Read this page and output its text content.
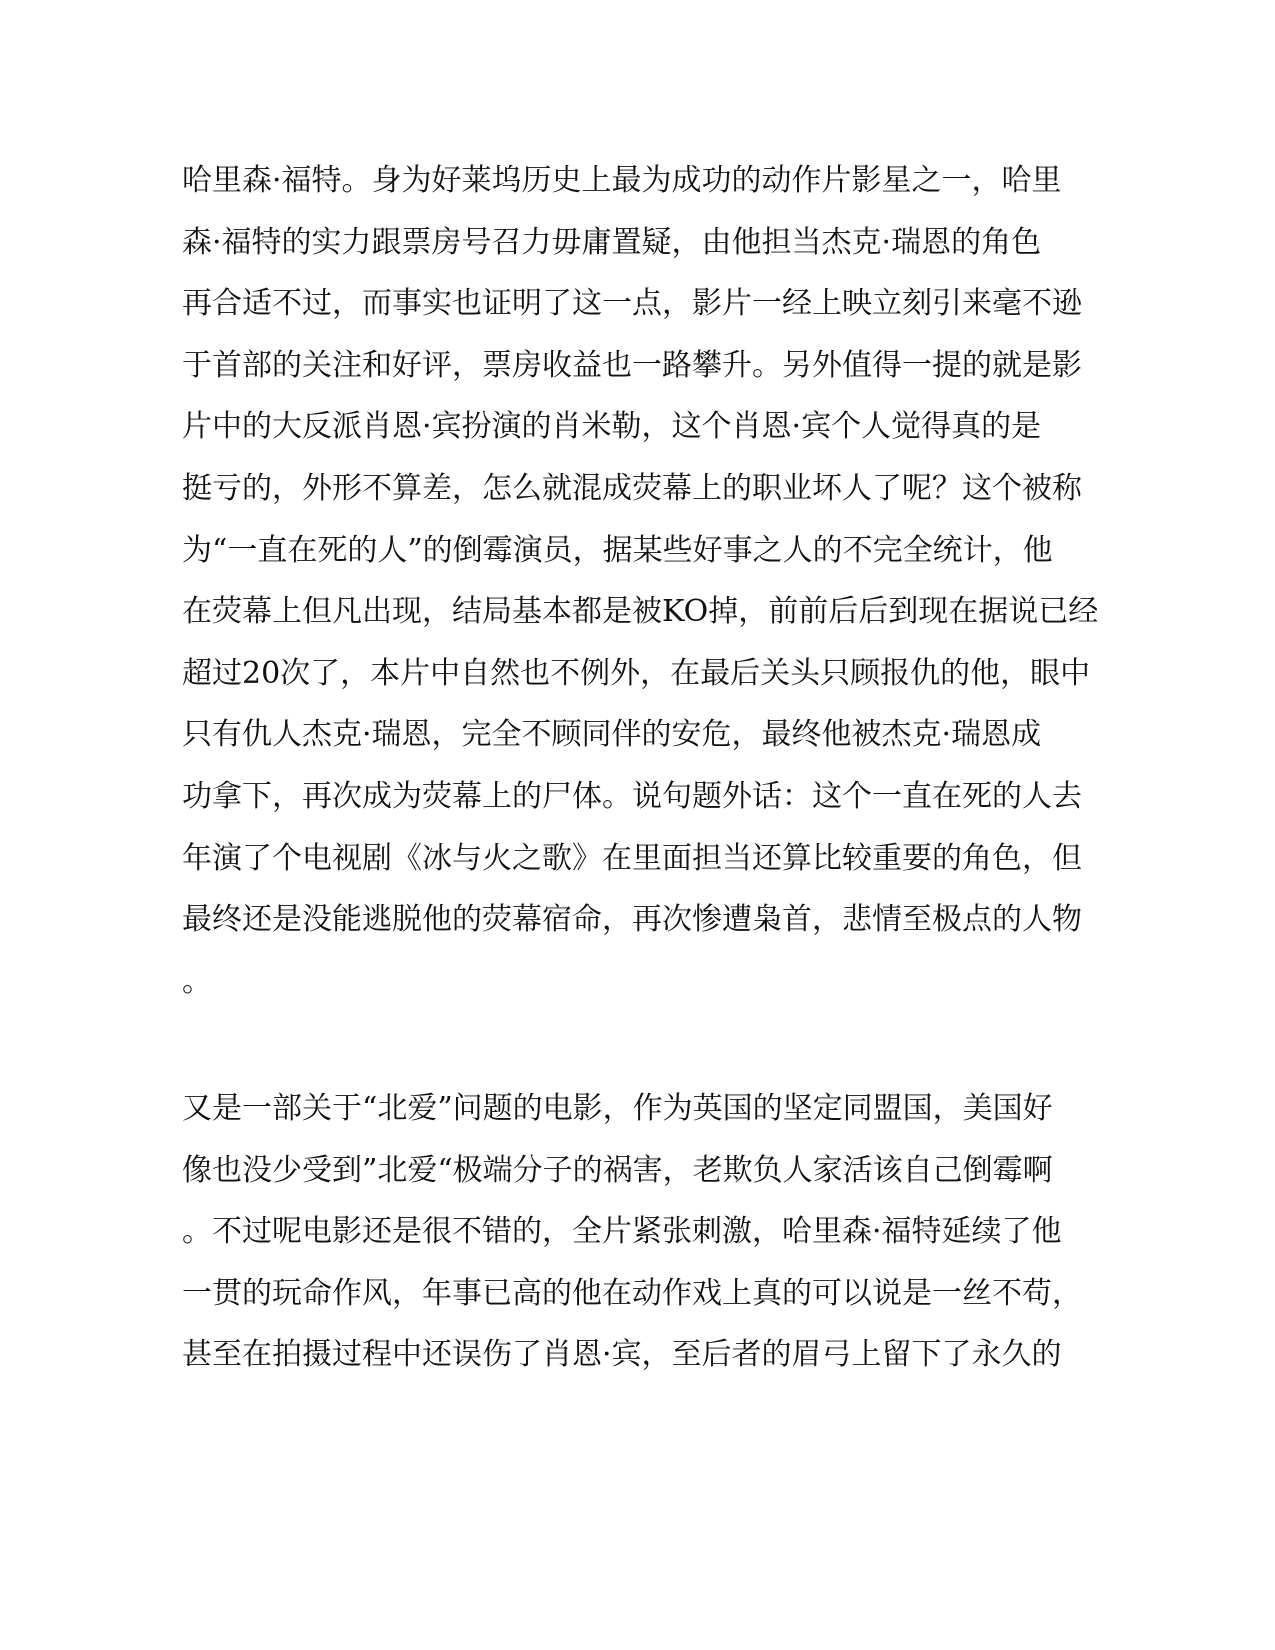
哈里森·福特。身为好莱坞历史上最为成功的动作片影星之一，哈里
森·福特的实力跟票房号召力毋庸置疑，由他担当杰克·瑞恩的角色
再合适不过，而事实也证明了这一点，影片一经上映立刻引来毫不逊
于首部的关注和好评，票房收益也一路攀升。另外值得一提的就是影
片中的大反派肖恩·宾扮演的肖米勒，这个肖恩·宾个人觉得真的是
挺亏的，外形不算差，怎么就混成荧幕上的职业坏人了呢？这个被称
为“一直在死的人”的倒霉演员，据某些好事之人的不完全统计，他
在荧幕上但凡出现，结局基本都是被KO掉，前前后后到现在据说已经
超过20次了，本片中自然也不例外，在最后关头只顾报仇的他，眼中
只有仇人杰克·瑞恩，完全不顾同伴的安危，最终他被杰克·瑞恩成
功拿下，再次成为荧幕上的尸体。说句题外话：这个一直在死的人去
年演了个电视剧《冰与火之歌》在里面担当还算比较重要的角色，但
最终还是没能逃脱他的荧幕宿命，再次惨遭枭首，悲情至极点的人物
。
又是一部关于“北爱”问题的电影，作为英国的坚定同盟国，美国好
像也没少受到”北爱“极端分子的祸害，老欺负人家活该自己倒霉啊
。不过呢电影还是很不错的，全片紧张刺激，哈里森·福特延续了他
一贯的玩命作风，年事已高的他在动作戏上真的可以说是一丝不苟，
甚至在拍摄过程中还误伤了肖恩·宾，至后者的眉弓上留下了永久的
